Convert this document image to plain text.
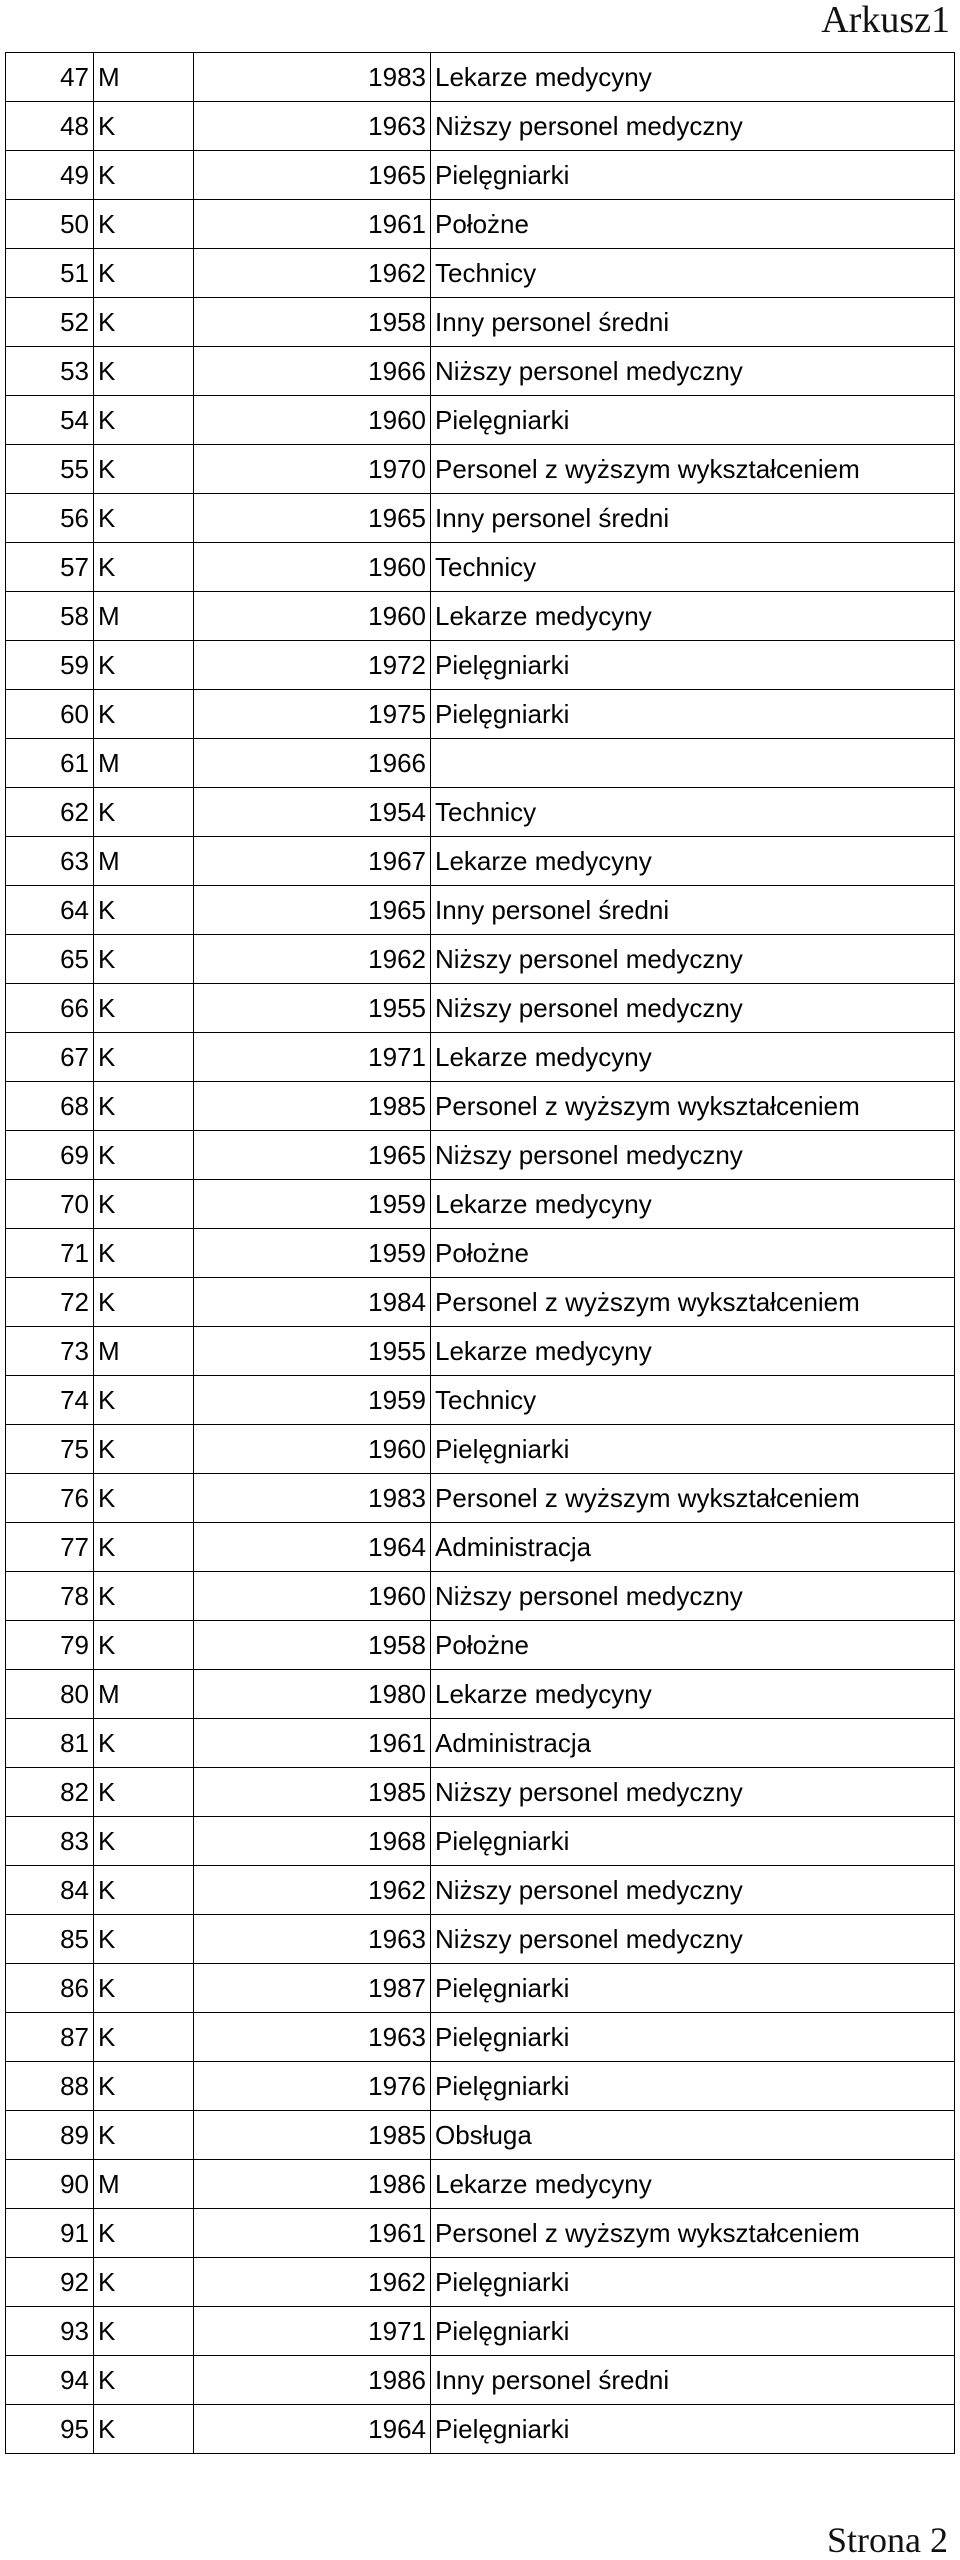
Arkusz1
47	M	1983	Lekarze medycyny
48	K	1963	Niższy personel medyczny
49	K	1965	Pielęgniarki
50	K	1961	Położne
51	K	1962	Technicy
52	K	1958	Inny personel średni
53	K	1966	Niższy personel medyczny
54	K	1960	Pielęgniarki
55	K	1970	Personel z wyższym wykształceniem
56	K	1965	Inny personel średni
57	K	1960	Technicy
58	M	1960	Lekarze medycyny
59	K	1972	Pielęgniarki
60	K	1975	Pielęgniarki
61	M	1966	
62	K	1954	Technicy
63	M	1967	Lekarze medycyny
64	K	1965	Inny personel średni
65	K	1962	Niższy personel medyczny
66	K	1955	Niższy personel medyczny
67	K	1971	Lekarze medycyny
68	K	1985	Personel z wyższym wykształceniem
69	K	1965	Niższy personel medyczny
70	K	1959	Lekarze medycyny
71	K	1959	Położne
72	K	1984	Personel z wyższym wykształceniem
73	M	1955	Lekarze medycyny
74	K	1959	Technicy
75	K	1960	Pielęgniarki
76	K	1983	Personel z wyższym wykształceniem
77	K	1964	Administracja
78	K	1960	Niższy personel medyczny
79	K	1958	Położne
80	M	1980	Lekarze medycyny
81	K	1961	Administracja
82	K	1985	Niższy personel medyczny
83	K	1968	Pielęgniarki
84	K	1962	Niższy personel medyczny
85	K	1963	Niższy personel medyczny
86	K	1987	Pielęgniarki
87	K	1963	Pielęgniarki
88	K	1976	Pielęgniarki
89	K	1985	Obsługa
90	M	1986	Lekarze medycyny
91	K	1961	Personel z wyższym wykształceniem
92	K	1962	Pielęgniarki
93	K	1971	Pielęgniarki
94	K	1986	Inny personel średni
95	K	1964	Pielęgniarki
Strona 2
